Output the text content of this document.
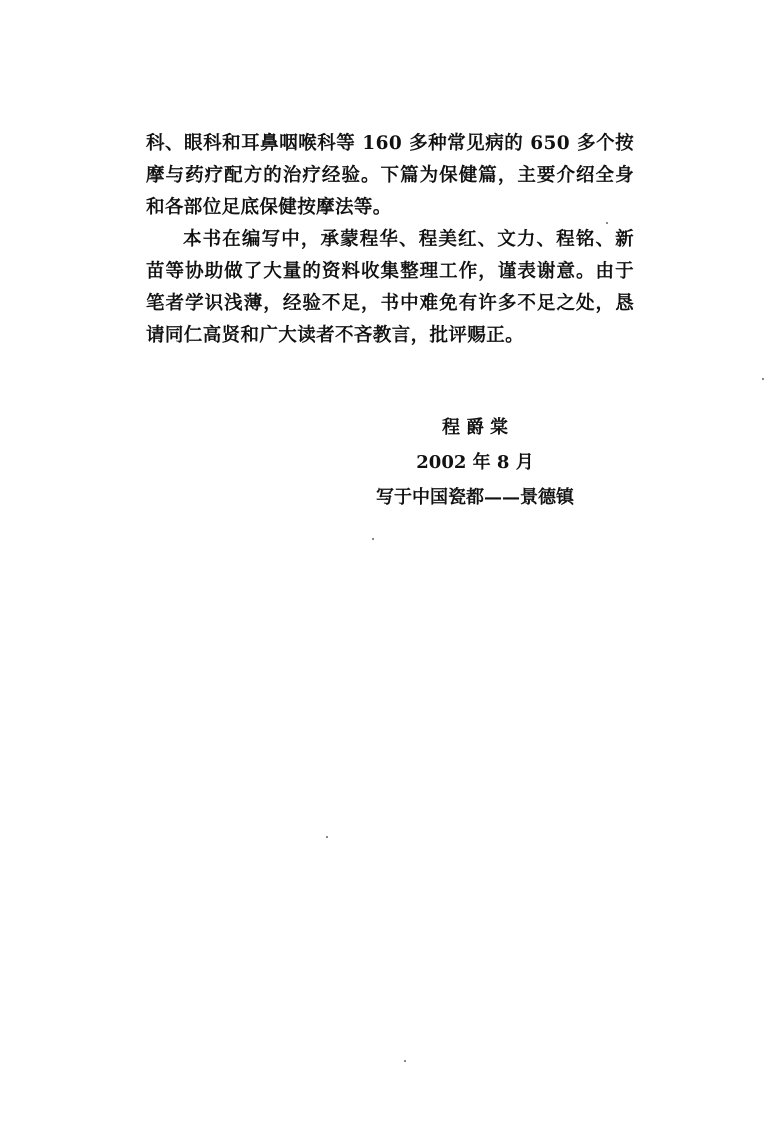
科、眼科和耳鼻咽喉科等 160 多种常见病的 650 多个按摩与药疗配方的治疗经验。下篇为保健篇，主要介绍全身和各部位足底保健按摩法等。

本书在编写中，承蒙程华、程美红、文力、程铭、新苗等协助做了大量的资料收集整理工作，谨表谢意。由于笔者学识浅薄，经验不足，书中难免有许多不足之处，恳请同仁高贤和广大读者不吝教言，批评赐正。

程爵棠
2002 年 8 月
写于中国瓷都——景德镇
